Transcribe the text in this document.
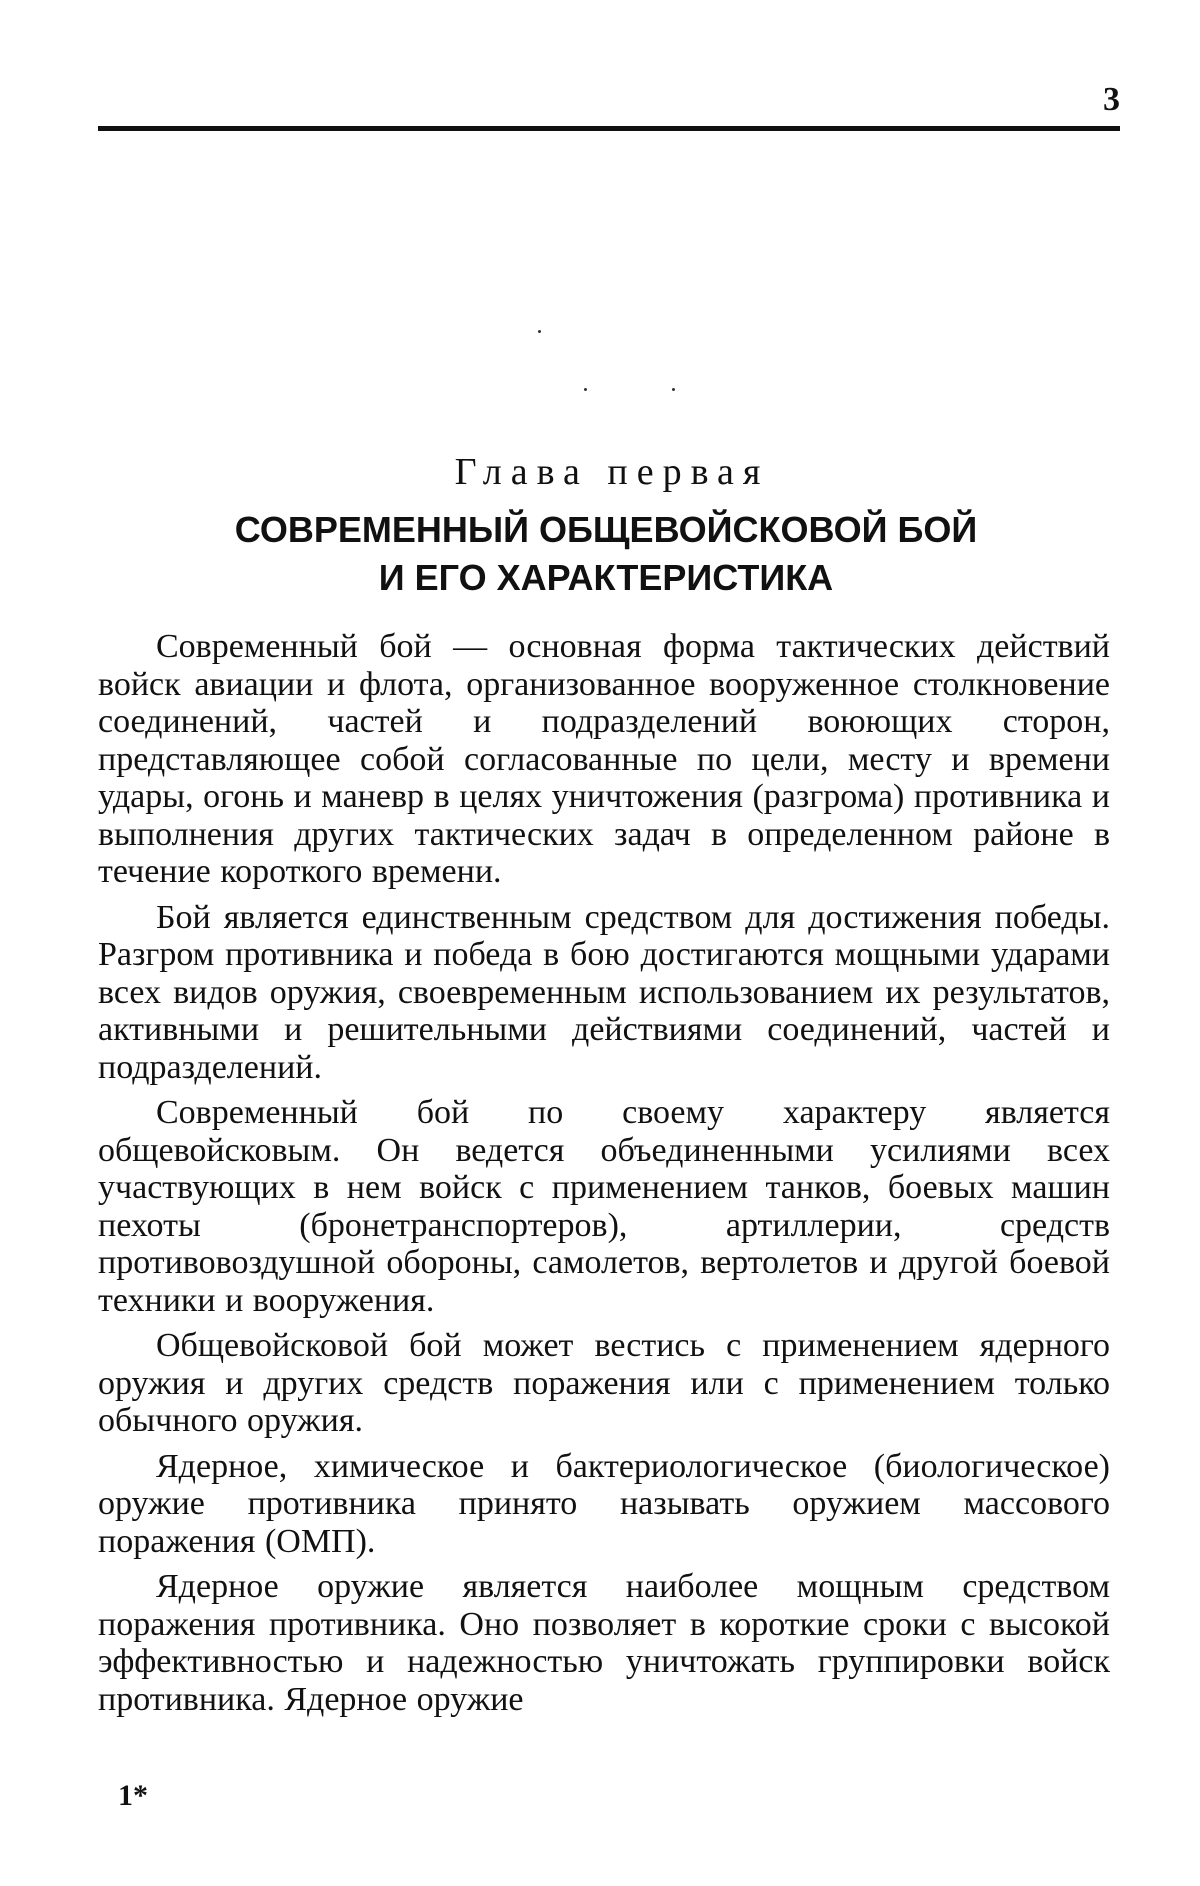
3
Глава первая
СОВРЕМЕННЫЙ ОБЩЕВОЙСКОВОЙ БОЙ
И ЕГО ХАРАКТЕРИСТИКА

Современный бой — основная форма тактических действий войск авиации и флота, организованное вооруженное столкновение соединений, частей и подразделений воюющих сторон, представляющее собой согласованные по цели, месту и времени удары, огонь и маневр в целях уничтожения (разгрома) противника и выполнения других тактических задач в определенном районе в течение короткого времени.

Бой является единственным средством для достижения победы. Разгром противника и победа в бою достигаются мощными ударами всех видов оружия, своевременным использованием их результатов, активными и решительными действиями соединений, частей и подразделений.

Современный бой по своему характеру является общевойсковым. Он ведется объединенными усилиями всех участвующих в нем войск с применением танков, боевых машин пехоты (бронетранспортеров), артиллерии, средств противовоздушной обороны, самолетов, вертолетов и другой боевой техники и вооружения.

Общевойсковой бой может вестись с применением ядерного оружия и других средств поражения или с применением только обычного оружия.

Ядерное, химическое и бактериологическое (биологическое) оружие противника принято называть оружием массового поражения (ОМП).

Ядерное оружие является наиболее мощным средством поражения противника. Оно позволяет в короткие сроки с высокой эффективностью и надежностью уничтожать группировки войск противника. Ядерное оружие

1*
